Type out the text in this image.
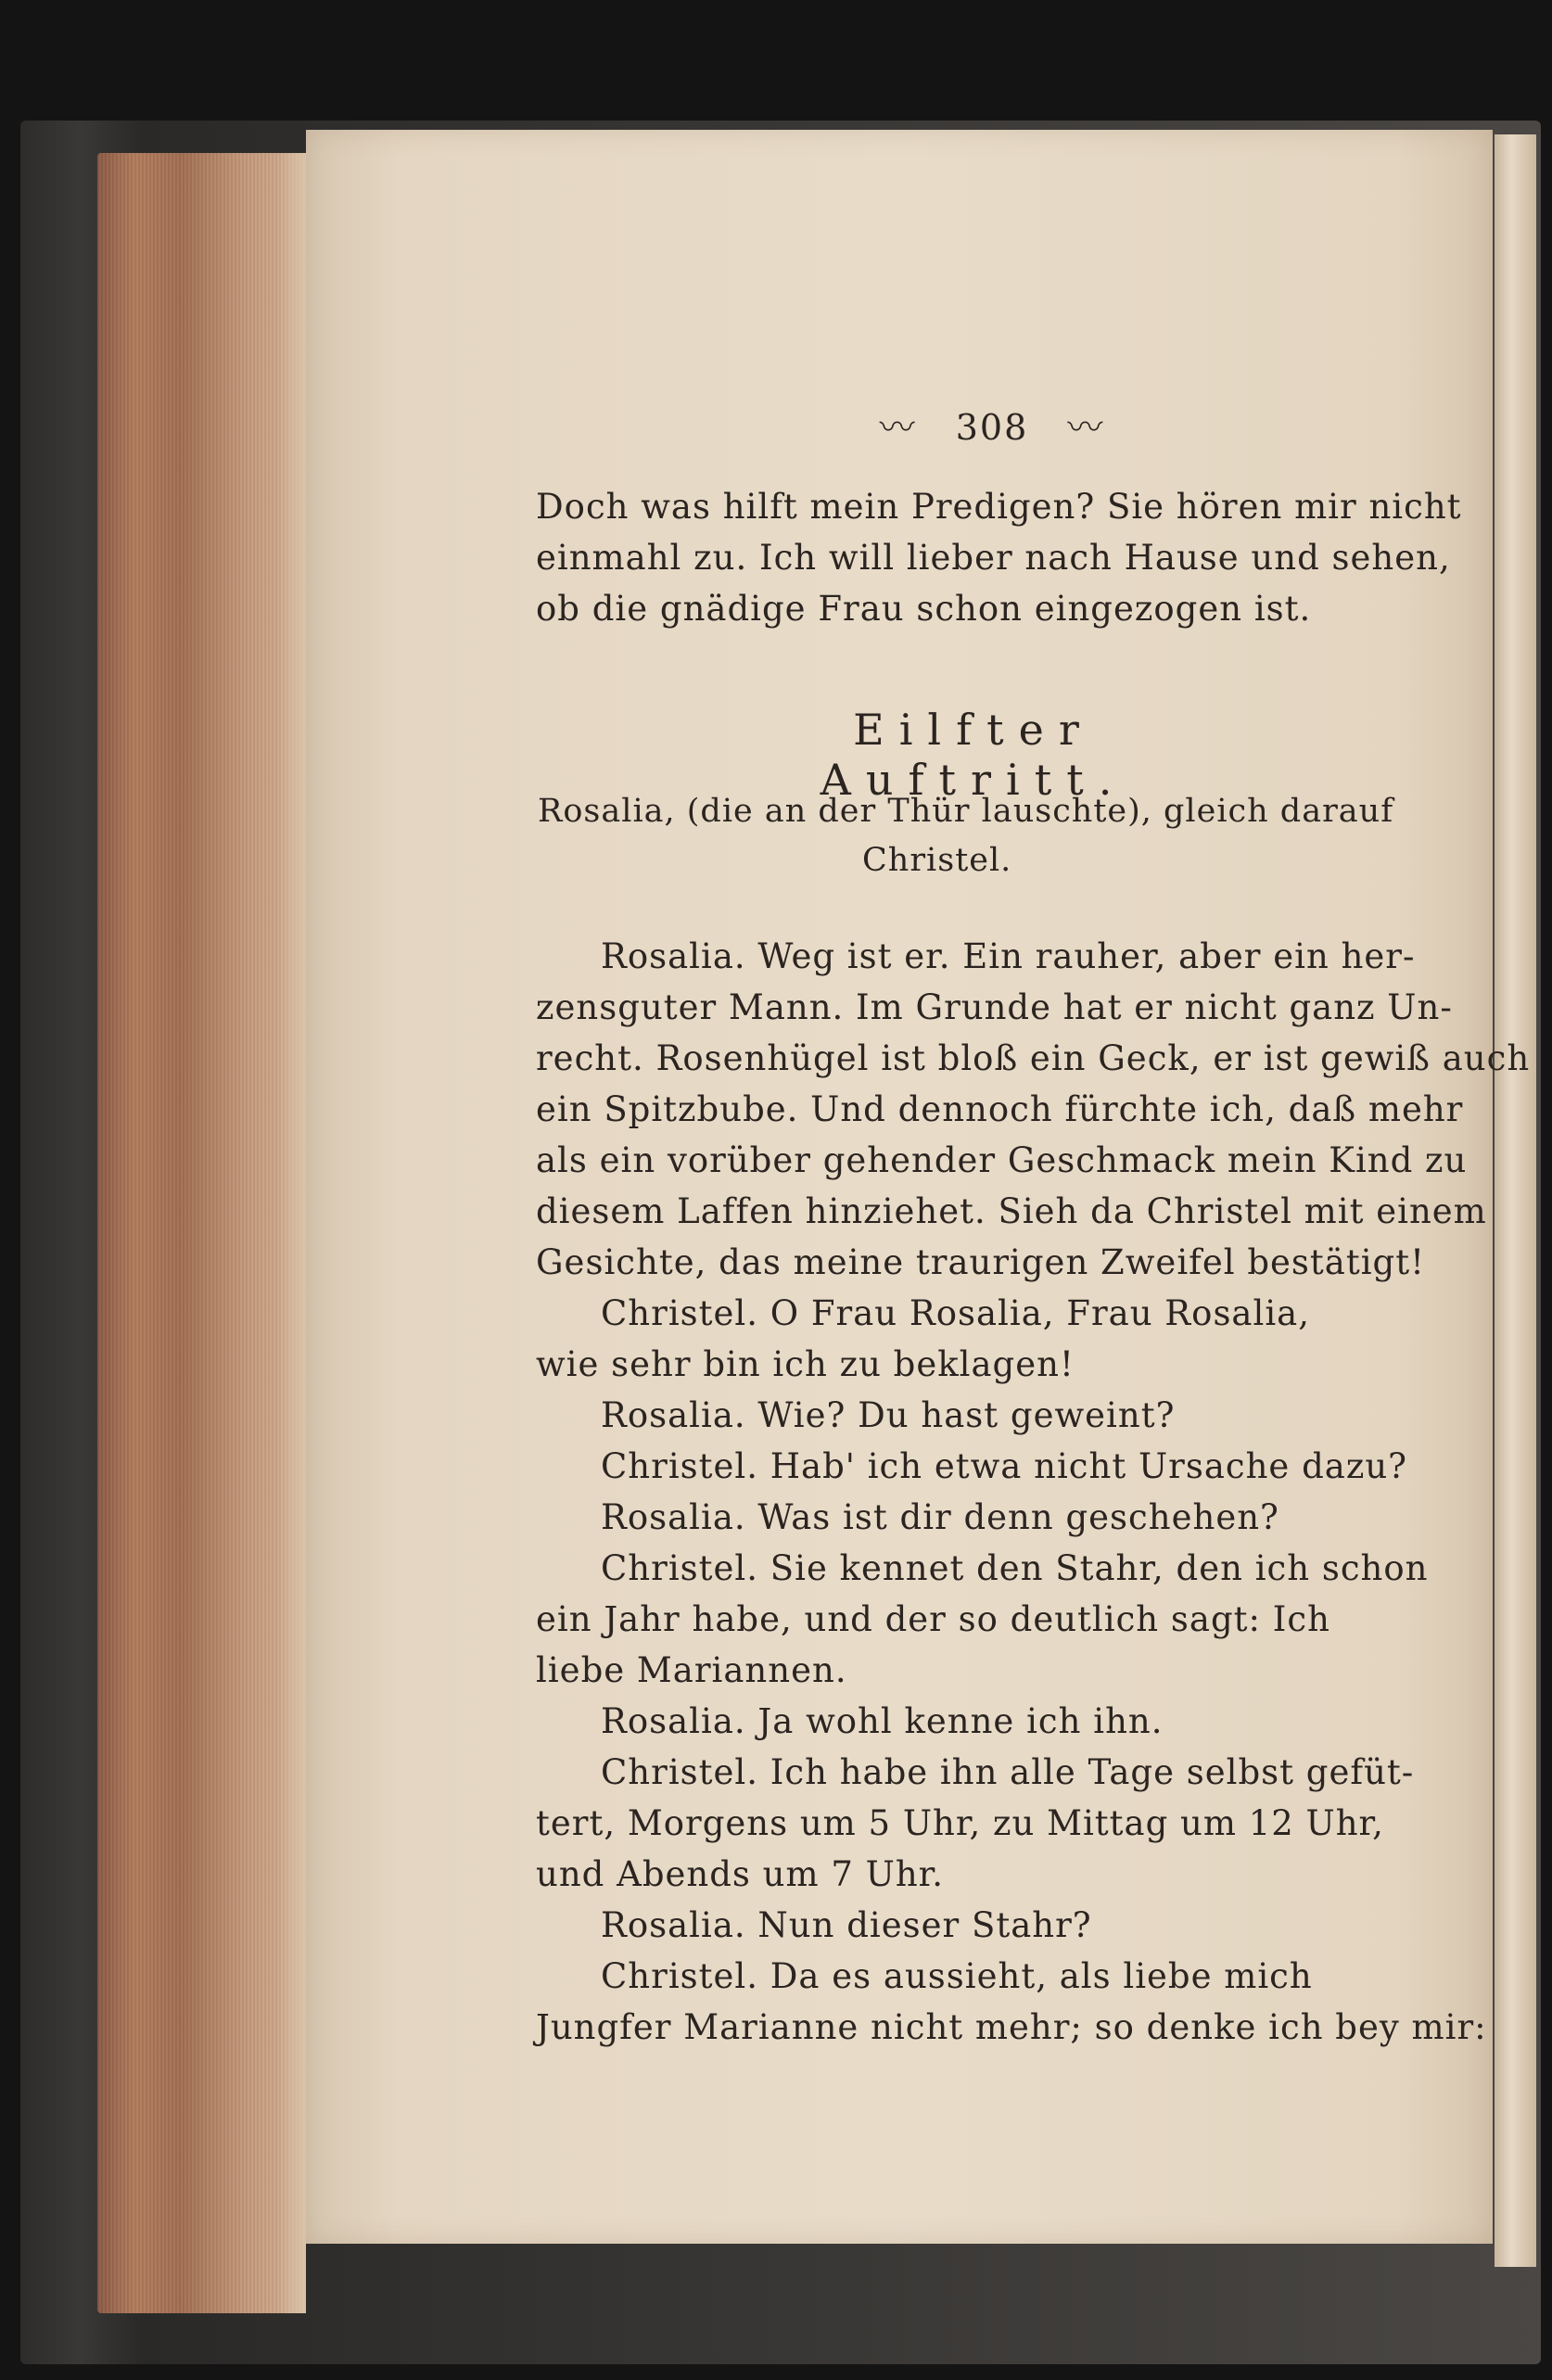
〰 308 〰
Doch was hilft mein Predigen? Sie hören mir nicht
einmahl zu. Ich will lieber nach Hause und sehen,
ob die gnädige Frau schon eingezogen ist.
Eilfter Auftritt.
Rosalia, (die an der Thür lauschte), gleich darauf
Christel.
Rosalia. Weg ist er. Ein rauher, aber ein her-
zensguter Mann. Im Grunde hat er nicht ganz Un-
recht. Rosenhügel ist bloß ein Geck, er ist gewiß auch
ein Spitzbube. Und dennoch fürchte ich, daß mehr
als ein vorüber gehender Geschmack mein Kind zu
diesem Laffen hinziehet. Sieh da Christel mit einem
Gesichte, das meine traurigen Zweifel bestätigt!
Christel. O Frau Rosalia, Frau Rosalia,
wie sehr bin ich zu beklagen!
Rosalia. Wie? Du hast geweint?
Christel. Hab' ich etwa nicht Ursache dazu?
Rosalia. Was ist dir denn geschehen?
Christel. Sie kennet den Stahr, den ich schon
ein Jahr habe, und der so deutlich sagt: Ich
liebe Mariannen.
Rosalia. Ja wohl kenne ich ihn.
Christel. Ich habe ihn alle Tage selbst gefüt-
tert, Morgens um 5 Uhr, zu Mittag um 12 Uhr,
und Abends um 7 Uhr.
Rosalia. Nun dieser Stahr?
Christel. Da es aussieht, als liebe mich
Jungfer Marianne nicht mehr; so denke ich bey mir:
